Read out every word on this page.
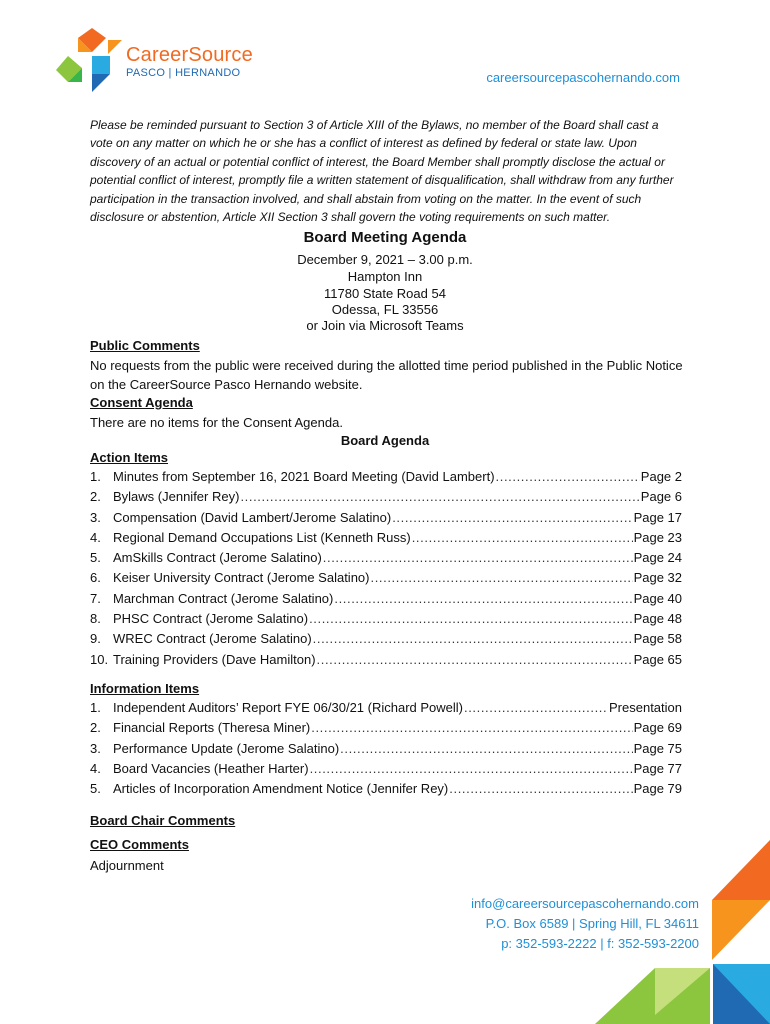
CareerSource
PASCO | HERNANDO	careersourcepascohernando.com
Please be reminded pursuant to Section 3 of Article XIII of the Bylaws, no member of the Board shall cast a vote on any matter on which he or she has a conflict of interest as defined by federal or state law. Upon discovery of an actual or potential conflict of interest, the Board Member shall promptly disclose the actual or potential conflict of interest, promptly file a written statement of disqualification, shall withdraw from any further participation in the transaction involved, and shall abstain from voting on the matter. In the event of such disclosure or abstention, Article XII Section 3 shall govern the voting requirements on such matter.
Board Meeting Agenda
December 9, 2021 – 3.00 p.m.
Hampton Inn
11780 State Road 54
Odessa, FL 33556
or Join via Microsoft Teams
Public Comments
No requests from the public were received during the allotted time period published in the Public Notice on the CareerSource Pasco Hernando website.
Consent Agenda
There are no items for the Consent Agenda.
Board Agenda
Action Items
1. Minutes from September 16, 2021 Board Meeting (David Lambert) .....	Page 2
2. Bylaws (Jennifer Rey) .....	Page 6
3. Compensation (David Lambert/Jerome Salatino) .....	Page 17
4. Regional Demand Occupations List (Kenneth Russ) .....	Page 23
5. AmSkills Contract (Jerome Salatino) .....	Page 24
6. Keiser University Contract (Jerome Salatino) .....	Page 32
7. Marchman Contract (Jerome Salatino) .....	Page 40
8. PHSC Contract (Jerome Salatino) .....	Page 48
9. WREC Contract (Jerome Salatino) .....	Page 58
10. Training Providers (Dave Hamilton) .....	Page 65
Information Items
1. Independent Auditors’ Report FYE 06/30/21 (Richard Powell) .....	Presentation
2. Financial Reports (Theresa Miner) .....	Page 69
3. Performance Update (Jerome Salatino) .....	Page 75
4. Board Vacancies (Heather Harter) .....	Page 77
5. Articles of Incorporation Amendment Notice (Jennifer Rey) .....	Page 79
Board Chair Comments
CEO Comments
Adjournment
info@careersourcepascohernando.com
P.O. Box 6589 | Spring Hill, FL 34611
p: 352-593-2222 | f: 352-593-2200
